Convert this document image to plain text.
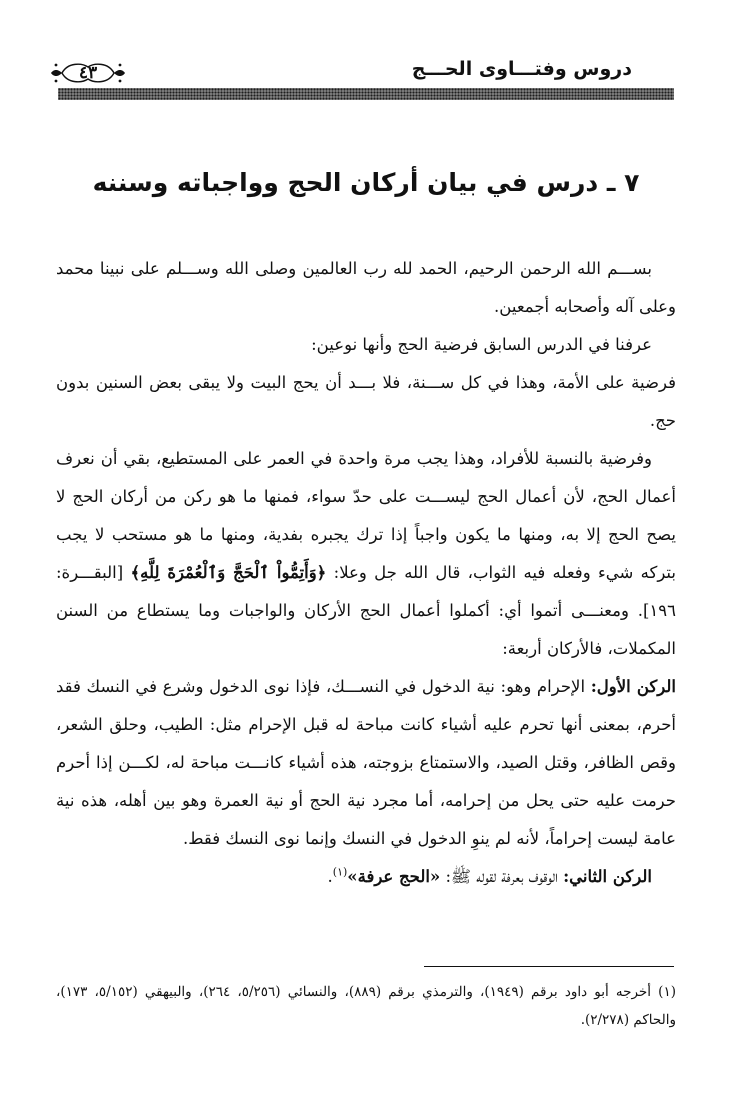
دروس وفتـــاوى الحـــج
٤٣
٧ ـ درس في بيان أركان الحج وواجباته وسننه

بســـم الله الرحمن الرحيم، الحمد لله رب العالمين وصلى الله وســـلم على نبينا محمد وعلى آله وأصحابه أجمعين.

عرفنا في الدرس السابق فرضية الحج وأنها نوعين:

فرضية على الأمة، وهذا في كل ســـنة، فلا بـــد أن يحج البيت ولا يبقى بعض السنين بدون حج.

وفرضية بالنسبة للأفراد، وهذا يجب مرة واحدة في العمر على المستطيع، بقي أن نعرف أعمال الحج، لأن أعمال الحج ليســـت على حدّ سواء، فمنها ما هو ركن من أركان الحج لا يصح الحج إلا به، ومنها ما يكون واجباً إذا ترك يجبره بفدية، ومنها ما هو مستحب لا يجب بتركه شيء وفعله فيه الثواب، قال الله جل وعلا: ﴿وَأَتِمُّواْ ٱلْحَجَّ وَٱلْعُمْرَةَ لِلَّهِ﴾ [البقـــرة: ١٩٦]. ومعنـــى أتموا أي: أكملوا أعمال الحج الأركان والواجبات وما يستطاع من السنن المكملات، فالأركان أربعة:

الركن الأول: الإحرام وهو: نية الدخول في النســـك، فإذا نوى الدخول وشرع في النسك فقد أحرم، بمعنى أنها تحرم عليه أشياء كانت مباحة له قبل الإحرام مثل: الطيب، وحلق الشعر، وقص الظافر، وقتل الصيد، والاستمتاع بزوجته، هذه أشياء كانـــت مباحة له، لكـــن إذا أحرم حرمت عليه حتى يحل من إحرامه، أما مجرد نية الحج أو نية العمرة وهو بين أهله، هذه نية عامة ليست إحراماً، لأنه لم ينوِ الدخول في النسك وإنما نوى النسك فقط.

الركن الثاني: الوقوف بعرفة لقوله ﷺ: «الحج عرفة»$^{(١)}$.

(١) أخرجه أبو داود برقم (١٩٤٩)، والترمذي برقم (٨٨٩)، والنسائي (٥/٢٥٦، ٢٦٤)، والبيهقي (٥/١٥٢، ١٧٣)، والحاكم (٢/٢٧٨).
